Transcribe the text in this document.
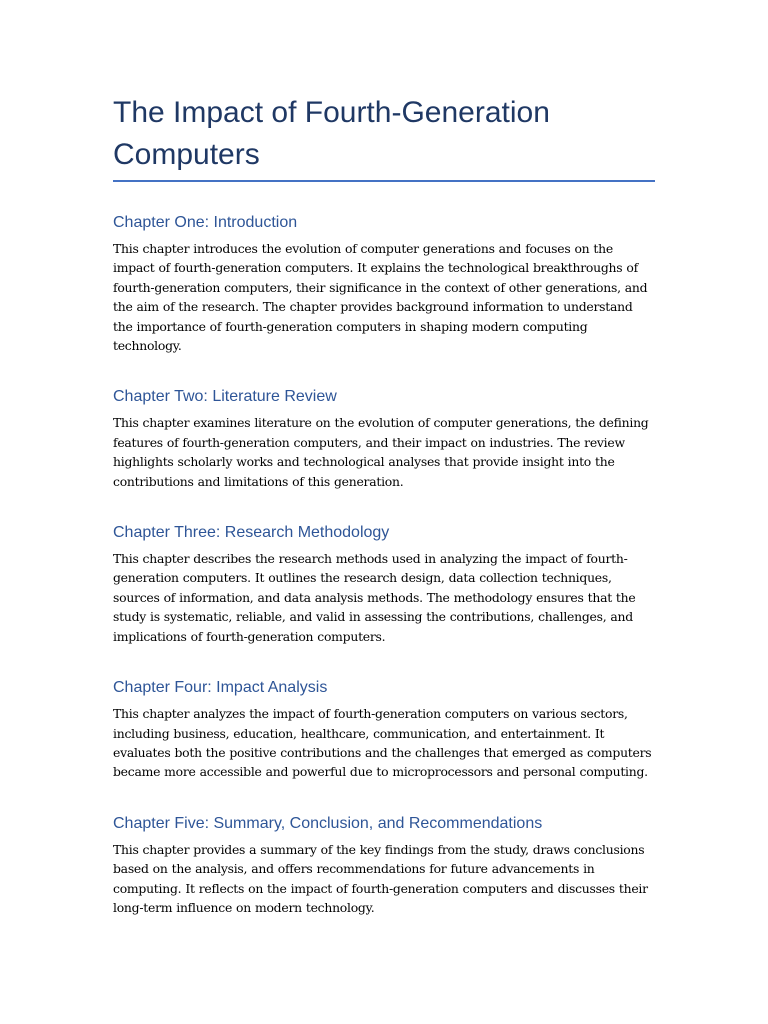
The Impact of Fourth-Generation
Computers
Chapter One: Introduction

This chapter introduces the evolution of computer generations and focuses on the impact of fourth-generation computers. It explains the technological breakthroughs of fourth-generation computers, their significance in the context of other generations, and the aim of the research. The chapter provides background information to understand the importance of fourth-generation computers in shaping modern computing technology.

Chapter Two: Literature Review

This chapter examines literature on the evolution of computer generations, the defining features of fourth-generation computers, and their impact on industries. The review highlights scholarly works and technological analyses that provide insight into the contributions and limitations of this generation.

Chapter Three: Research Methodology

This chapter describes the research methods used in analyzing the impact of fourth-generation computers. It outlines the research design, data collection techniques, sources of information, and data analysis methods. The methodology ensures that the study is systematic, reliable, and valid in assessing the contributions, challenges, and implications of fourth-generation computers.

Chapter Four: Impact Analysis

This chapter analyzes the impact of fourth-generation computers on various sectors, including business, education, healthcare, communication, and entertainment. It evaluates both the positive contributions and the challenges that emerged as computers became more accessible and powerful due to microprocessors and personal computing.

Chapter Five: Summary, Conclusion, and Recommendations

This chapter provides a summary of the key findings from the study, draws conclusions based on the analysis, and offers recommendations for future advancements in computing. It reflects on the impact of fourth-generation computers and discusses their long-term influence on modern technology.
